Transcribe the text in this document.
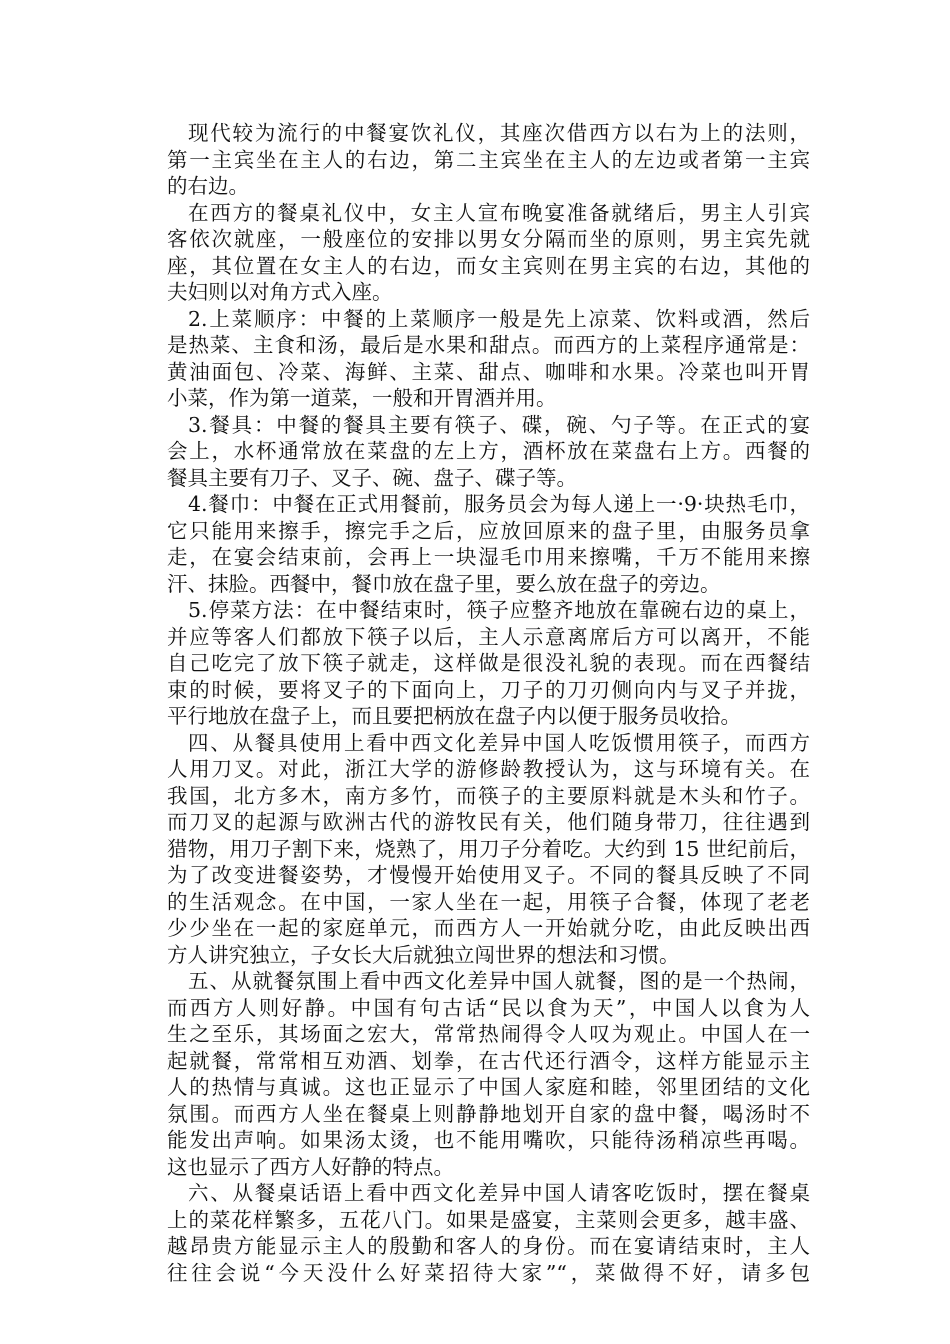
现代较为流行的中餐宴饮礼仪，其座次借西方以右为上的法则，
第一主宾坐在主人的右边，第二主宾坐在主人的左边或者第一主宾
的右边。
在西方的餐桌礼仪中，女主人宣布晚宴准备就绪后，男主人引宾
客依次就座，一般座位的安排以男女分隔而坐的原则，男主宾先就
座，其位置在女主人的右边，而女主宾则在男主宾的右边，其他的
夫妇则以对角方式入座。
2.上菜顺序：中餐的上菜顺序一般是先上凉菜、饮料或酒，然后
是热菜、主食和汤，最后是水果和甜点。而西方的上菜程序通常是：
黄油面包、冷菜、海鲜、主菜、甜点、咖啡和水果。冷菜也叫开胃
小菜，作为第一道菜，一般和开胃酒并用。
3.餐具：中餐的餐具主要有筷子、碟，碗、勺子等。在正式的宴
会上，水杯通常放在菜盘的左上方，酒杯放在菜盘右上方。西餐的
餐具主要有刀子、叉子、碗、盘子、碟子等。
4.餐巾：中餐在正式用餐前，服务员会为每人递上一·9·块热毛巾，
它只能用来擦手，擦完手之后，应放回原来的盘子里，由服务员拿
走，在宴会结束前，会再上一块湿毛巾用来擦嘴，千万不能用来擦
汗、抹脸。西餐中，餐巾放在盘子里，要么放在盘子的旁边。
5.停菜方法：在中餐结束时，筷子应整齐地放在靠碗右边的桌上，
并应等客人们都放下筷子以后，主人示意离席后方可以离开，不能
自己吃完了放下筷子就走，这样做是很没礼貌的表现。而在西餐结
束的时候，要将叉子的下面向上，刀子的刀刃侧向内与叉子并拢，
平行地放在盘子上，而且要把柄放在盘子内以便于服务员收拾。
四、从餐具使用上看中西文化差异中国人吃饭惯用筷子，而西方
人用刀叉。对此，浙江大学的游修龄教授认为，这与环境有关。在
我国，北方多木，南方多竹，而筷子的主要原料就是木头和竹子。
而刀叉的起源与欧洲古代的游牧民有关，他们随身带刀，往往遇到
猎物，用刀子割下来，烧熟了，用刀子分着吃。大约到 15 世纪前后，
为了改变进餐姿势，才慢慢开始使用叉子。不同的餐具反映了不同
的生活观念。在中国，一家人坐在一起，用筷子合餐，体现了老老
少少坐在一起的家庭单元，而西方人一开始就分吃，由此反映出西
方人讲究独立，子女长大后就独立闯世界的想法和习惯。
五、从就餐氛围上看中西文化差异中国人就餐，图的是一个热闹，
而西方人则好静。中国有句古话“民以食为天”，中国人以食为人
生之至乐，其场面之宏大，常常热闹得令人叹为观止。中国人在一
起就餐，常常相互劝酒、划拳，在古代还行酒令，这样方能显示主
人的热情与真诚。这也正显示了中国人家庭和睦，邻里团结的文化
氛围。而西方人坐在餐桌上则静静地划开自家的盘中餐，喝汤时不
能发出声响。如果汤太烫，也不能用嘴吹，只能待汤稍凉些再喝。
这也显示了西方人好静的特点。
六、从餐桌话语上看中西文化差异中国人请客吃饭时，摆在餐桌
上的菜花样繁多，五花八门。如果是盛宴，主菜则会更多，越丰盛、
越昂贵方能显示主人的殷勤和客人的身份。而在宴请结束时，主人
往往会说“今天没什么好菜招待大家”“，菜做得不好，请多包
